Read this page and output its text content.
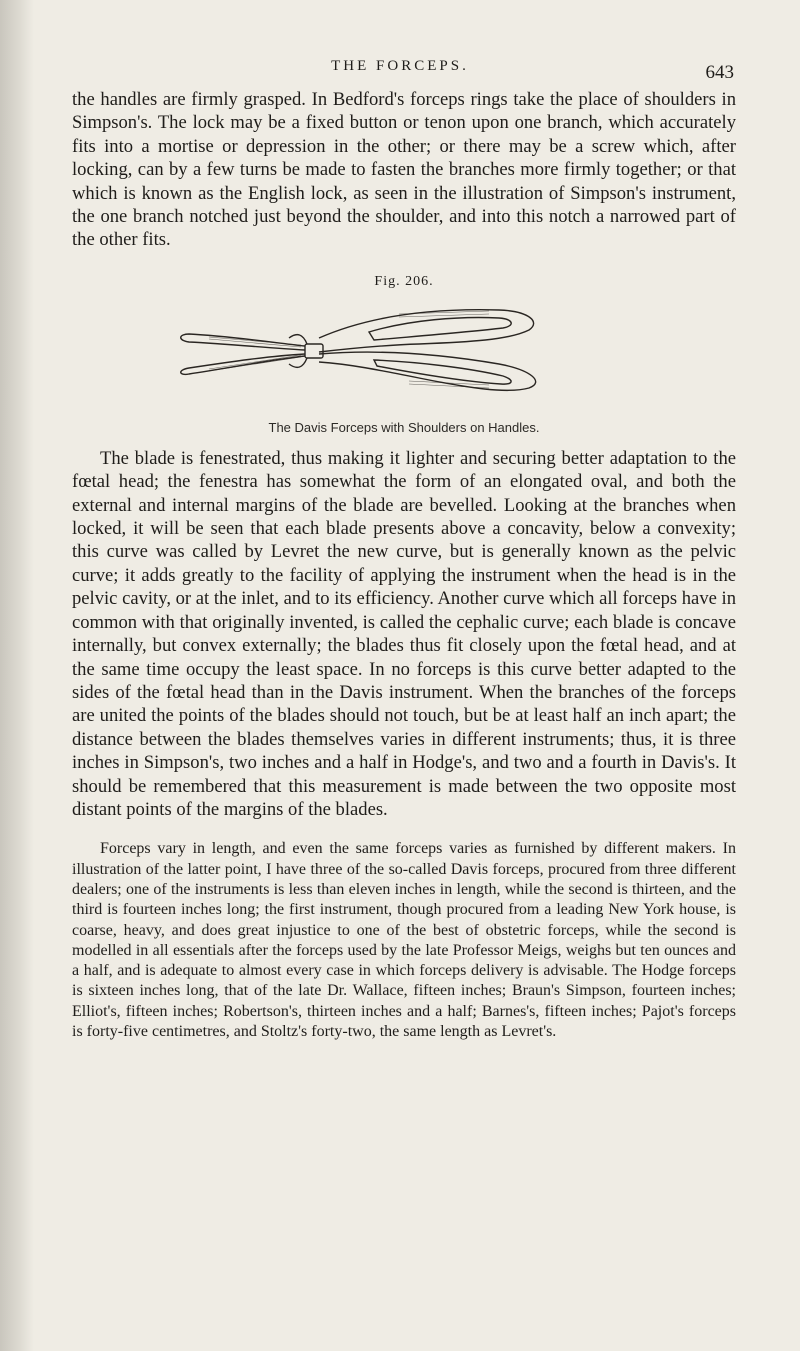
THE FORCEPS.	643

the handles are firmly grasped. In Bedford's forceps rings take the place of shoulders in Simpson's. The lock may be a fixed button or tenon upon one branch, which accurately fits into a mortise or depression in the other; or there may be a screw which, after locking, can by a few turns be made to fasten the branches more firmly together; or that which is known as the English lock, as seen in the illustration of Simpson's instrument, the one branch notched just beyond the shoulder, and into this notch a narrowed part of the other fits.

Fig. 206.
The Davis Forceps with Shoulders on Handles.

The blade is fenestrated, thus making it lighter and securing better adaptation to the fœtal head; the fenestra has somewhat the form of an elongated oval, and both the external and internal margins of the blade are bevelled. Looking at the branches when locked, it will be seen that each blade presents above a concavity, below a convexity; this curve was called by Levret the new curve, but is generally known as the pelvic curve; it adds greatly to the facility of applying the instrument when the head is in the pelvic cavity, or at the inlet, and to its efficiency. Another curve which all forceps have in common with that originally invented, is called the cephalic curve; each blade is concave internally, but convex externally; the blades thus fit closely upon the fœtal head, and at the same time occupy the least space. In no forceps is this curve better adapted to the sides of the fœtal head than in the Davis instrument. When the branches of the forceps are united the points of the blades should not touch, but be at least half an inch apart; the distance between the blades themselves varies in different instruments; thus, it is three inches in Simpson's, two inches and a half in Hodge's, and two and a fourth in Davis's. It should be remembered that this measurement is made between the two opposite most distant points of the margins of the blades.

Forceps vary in length, and even the same forceps varies as furnished by different makers. In illustration of the latter point, I have three of the so-called Davis forceps, procured from three different dealers; one of the instruments is less than eleven inches in length, while the second is thirteen, and the third is fourteen inches long; the first instrument, though procured from a leading New York house, is coarse, heavy, and does great injustice to one of the best of obstetric forceps, while the second is modelled in all essentials after the forceps used by the late Professor Meigs, weighs but ten ounces and a half, and is adequate to almost every case in which forceps delivery is advisable. The Hodge forceps is sixteen inches long, that of the late Dr. Wallace, fifteen inches; Braun's Simpson, fourteen inches; Elliot's, fifteen inches; Robertson's, thirteen inches and a half; Barnes's, fifteen inches; Pajot's forceps is forty-five centimetres, and Stoltz's forty-two, the same length as Levret's.
